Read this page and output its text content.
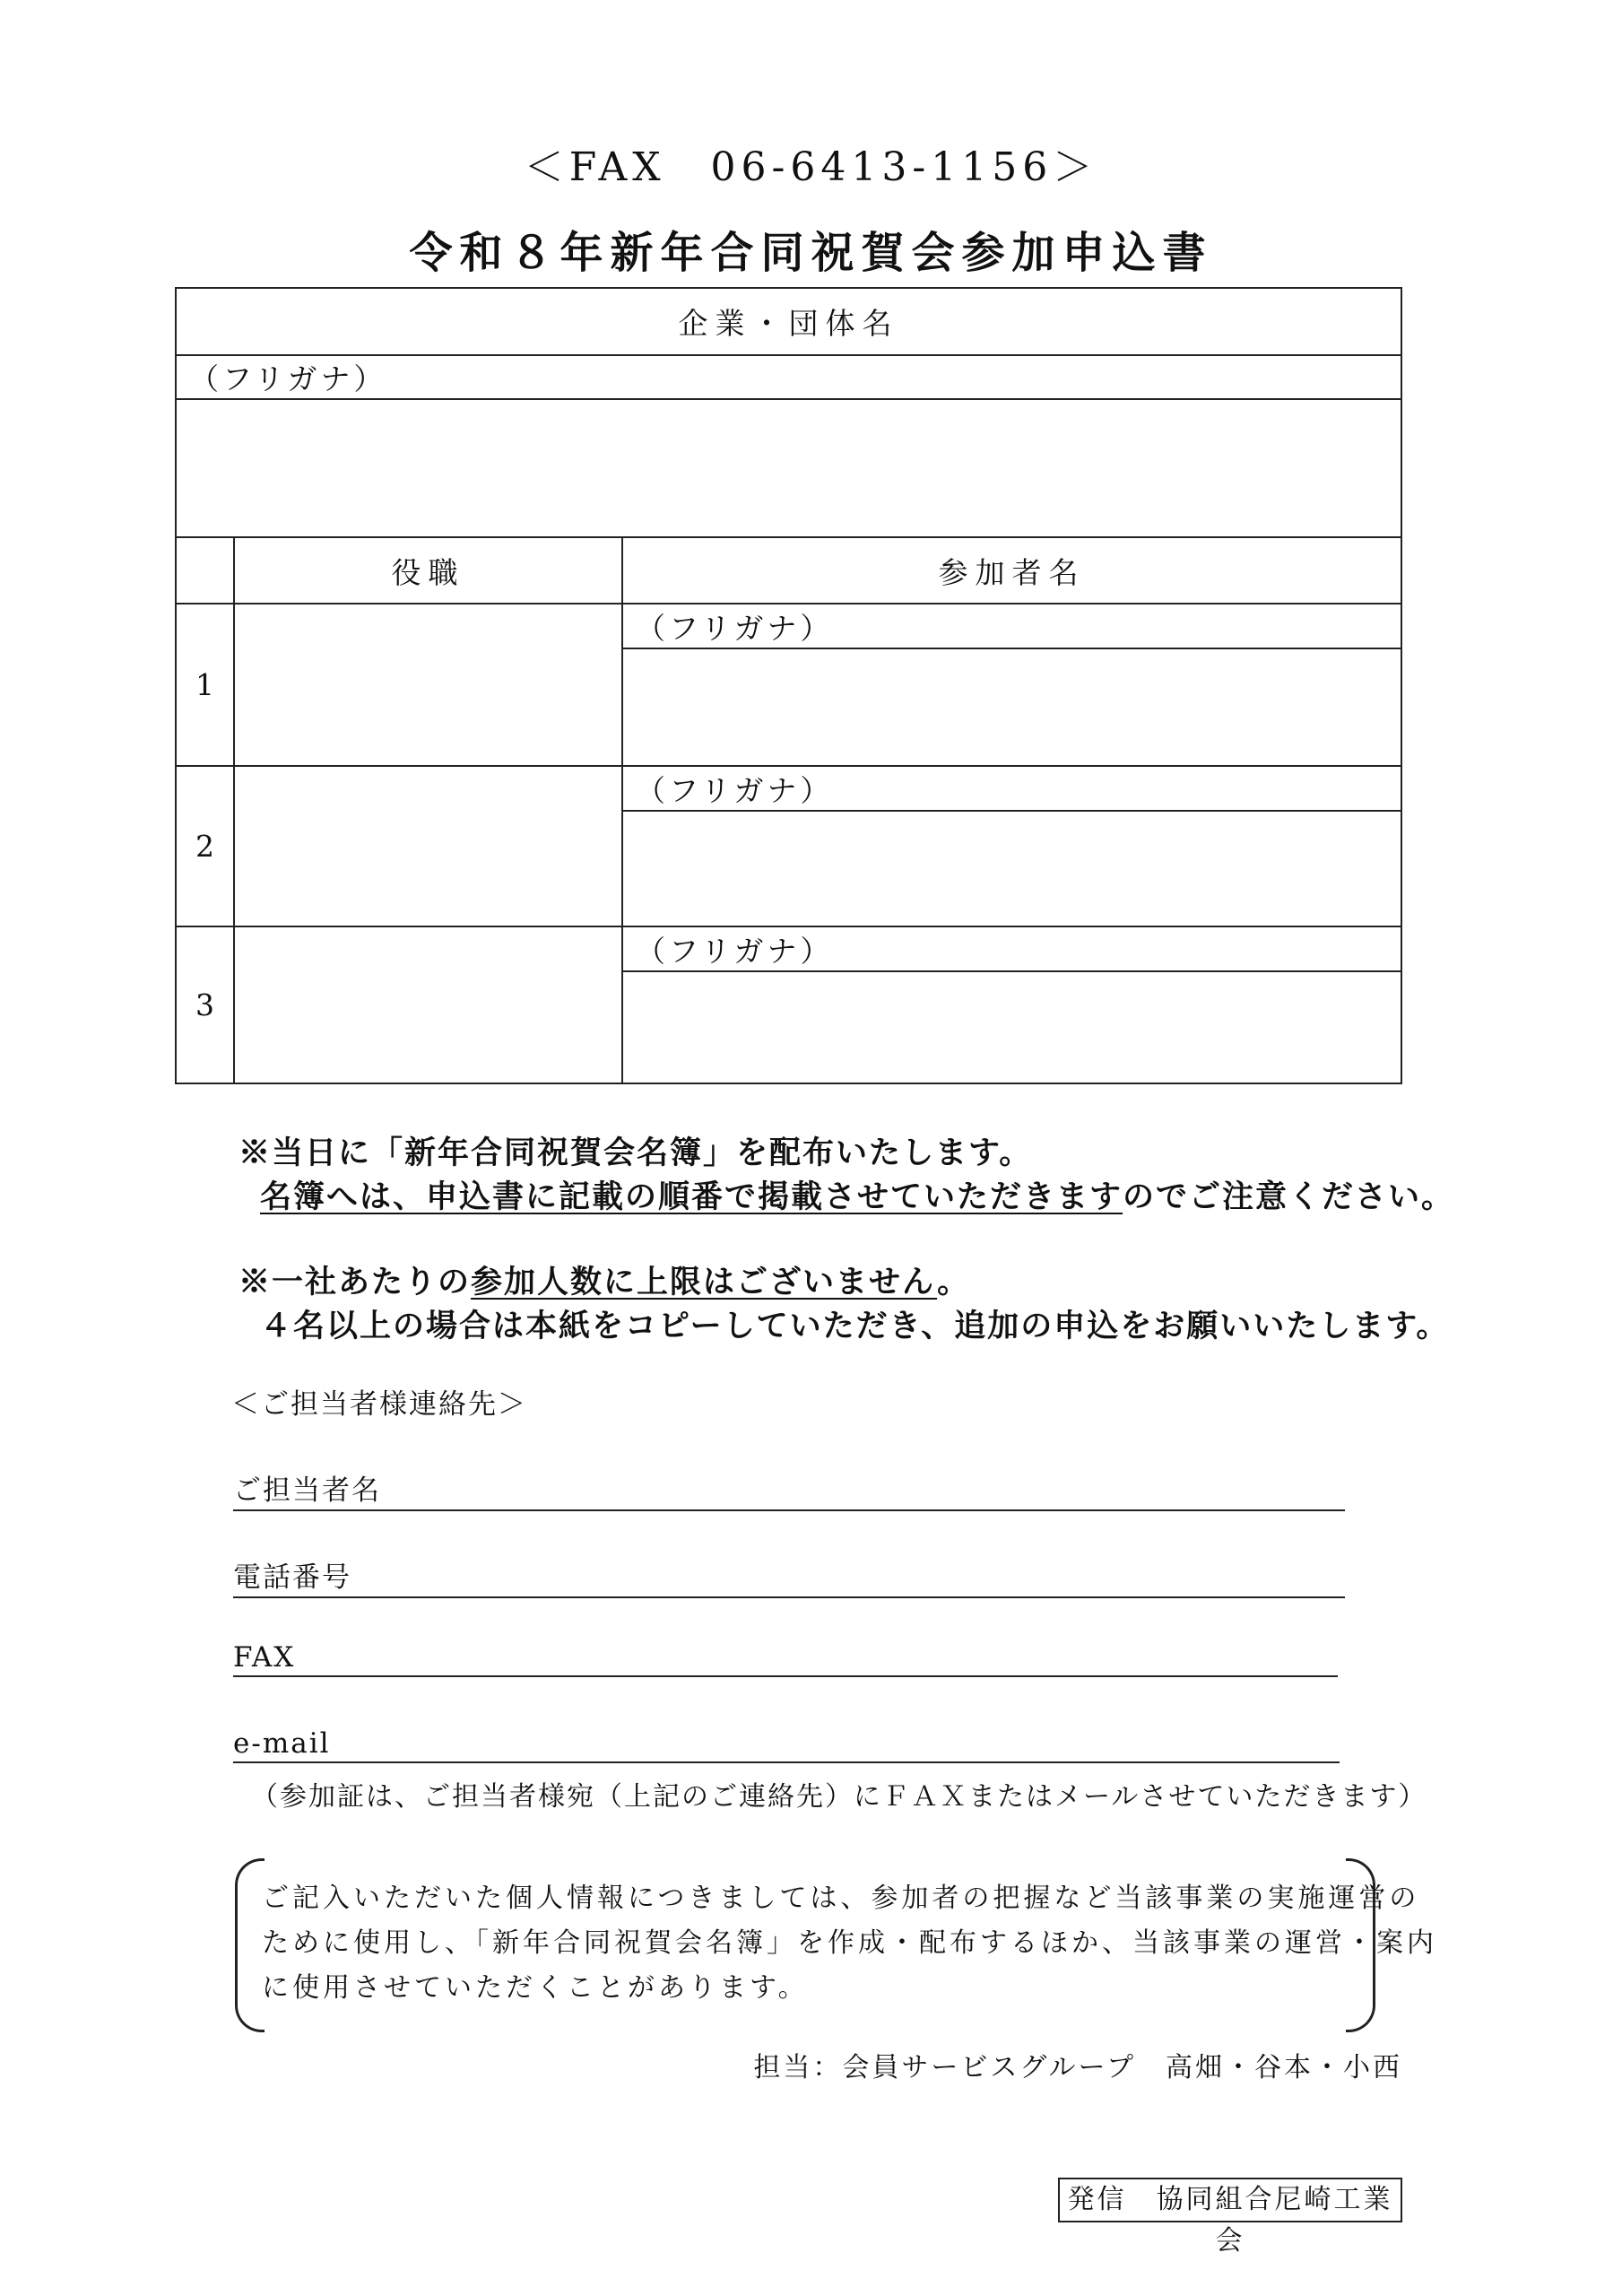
＜FAX　06-6413-1156＞
令和８年新年合同祝賀会参加申込書
企業・団体名		
（フリガナ）		

	役職	参加者名
1		（フリガナ）

2		（フリガナ）

3		（フリガナ）

※当日に「新年合同祝賀会名簿」を配布いたします。
名簿へは、申込書に記載の順番で掲載させていただきますのでご注意ください。
※一社あたりの参加人数に上限はございません。
４名以上の場合は本紙をコピーしていただき、追加の申込をお願いいたします。
＜ご担当者様連絡先＞
ご担当者名
電話番号
FAX
e-mail
（参加証は、ご担当者様宛（上記のご連絡先）にＦＡＸまたはメールさせていただきます）
ご記入いただいた個人情報につきましては、参加者の把握など当該事業の実施運営の
ために使用し、「新年合同祝賀会名簿」を作成・配布するほか、当該事業の運営・案内
に使用させていただくことがあります。
担当：会員サービスグループ　高畑・谷本・小西
発信　協同組合尼崎工業会
